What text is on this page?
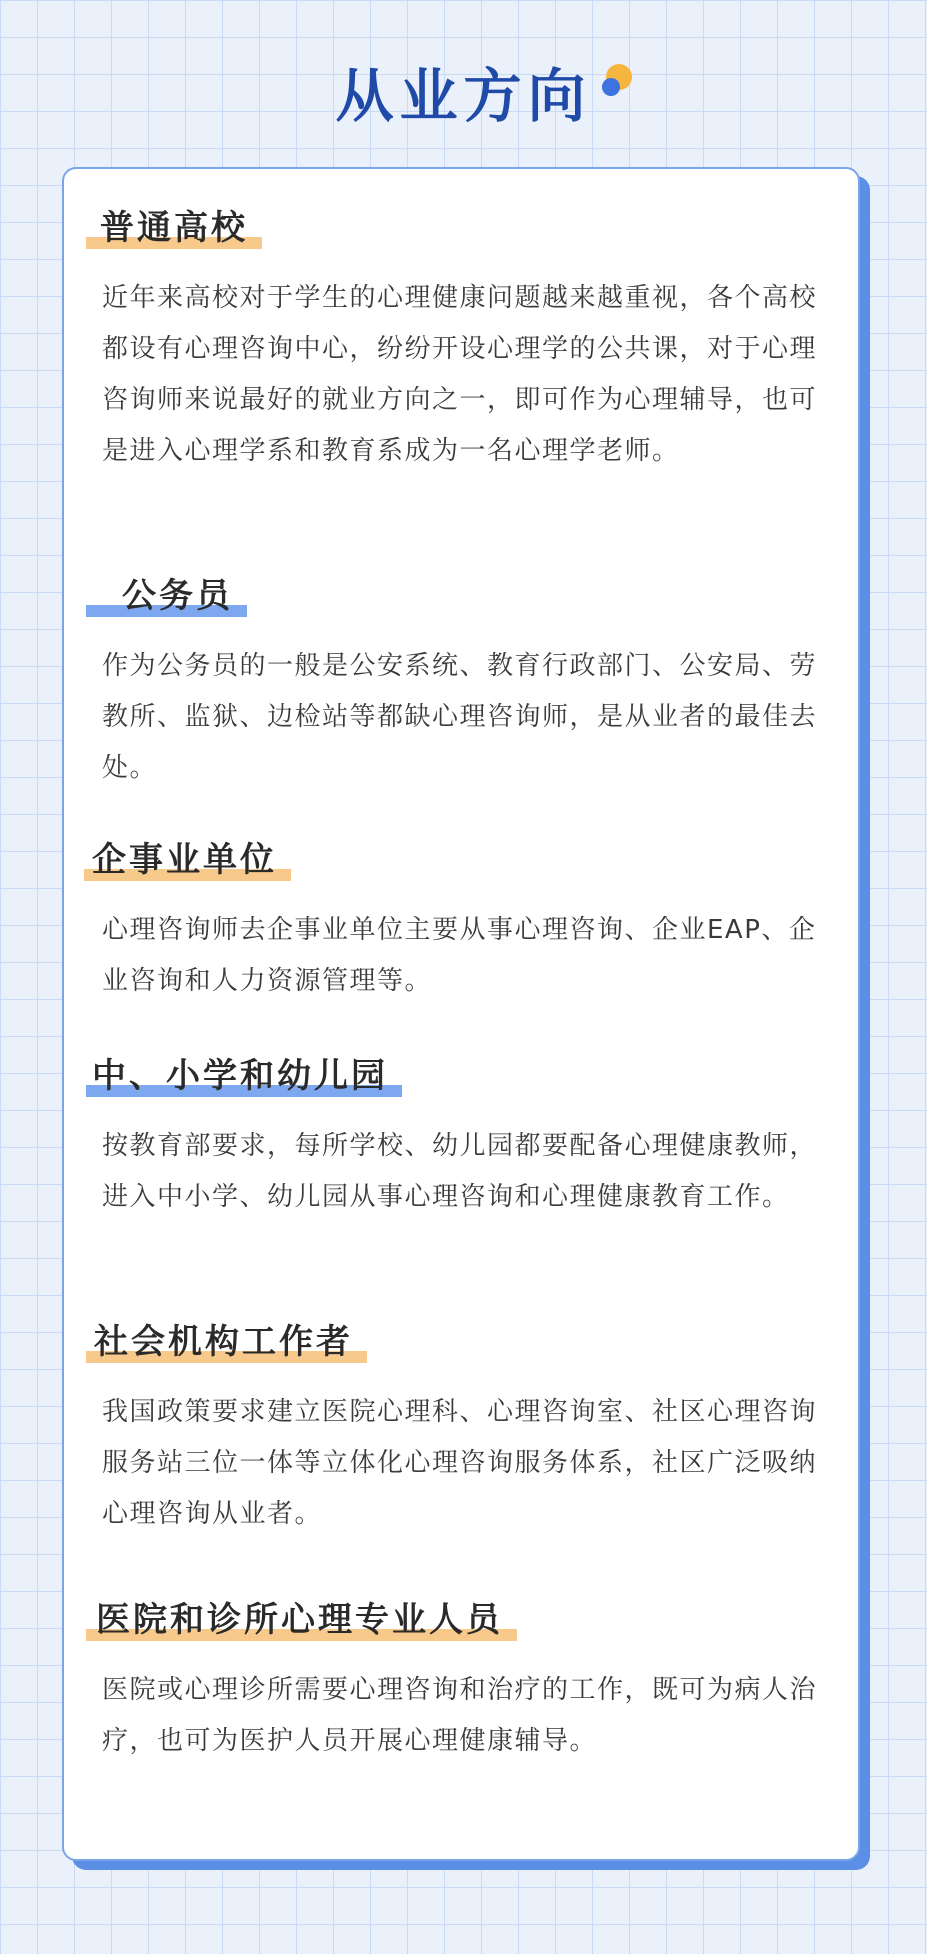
从业方向
普通高校
近年来高校对于学生的心理健康问题越来越重视，各个高校都设有心理咨询中心，纷纷开设心理学的公共课，对于心理咨询师来说最好的就业方向之一，即可作为心理辅导，也可是进入心理学系和教育系成为一名心理学老师。
公务员
作为公务员的一般是公安系统、教育行政部门、公安局、劳教所、监狱、边检站等都缺心理咨询师，是从业者的最佳去处。
企事业单位
心理咨询师去企事业单位主要从事心理咨询、企业EAP、企业咨询和人力资源管理等。
中、小学和幼儿园
按教育部要求，每所学校、幼儿园都要配备心理健康教师，进入中小学、幼儿园从事心理咨询和心理健康教育工作。
社会机构工作者
我国政策要求建立医院心理科、心理咨询室、社区心理咨询服务站三位一体等立体化心理咨询服务体系，社区广泛吸纳心理咨询从业者。
医院和诊所心理专业人员
医院或心理诊所需要心理咨询和治疗的工作，既可为病人治疗，也可为医护人员开展心理健康辅导。
